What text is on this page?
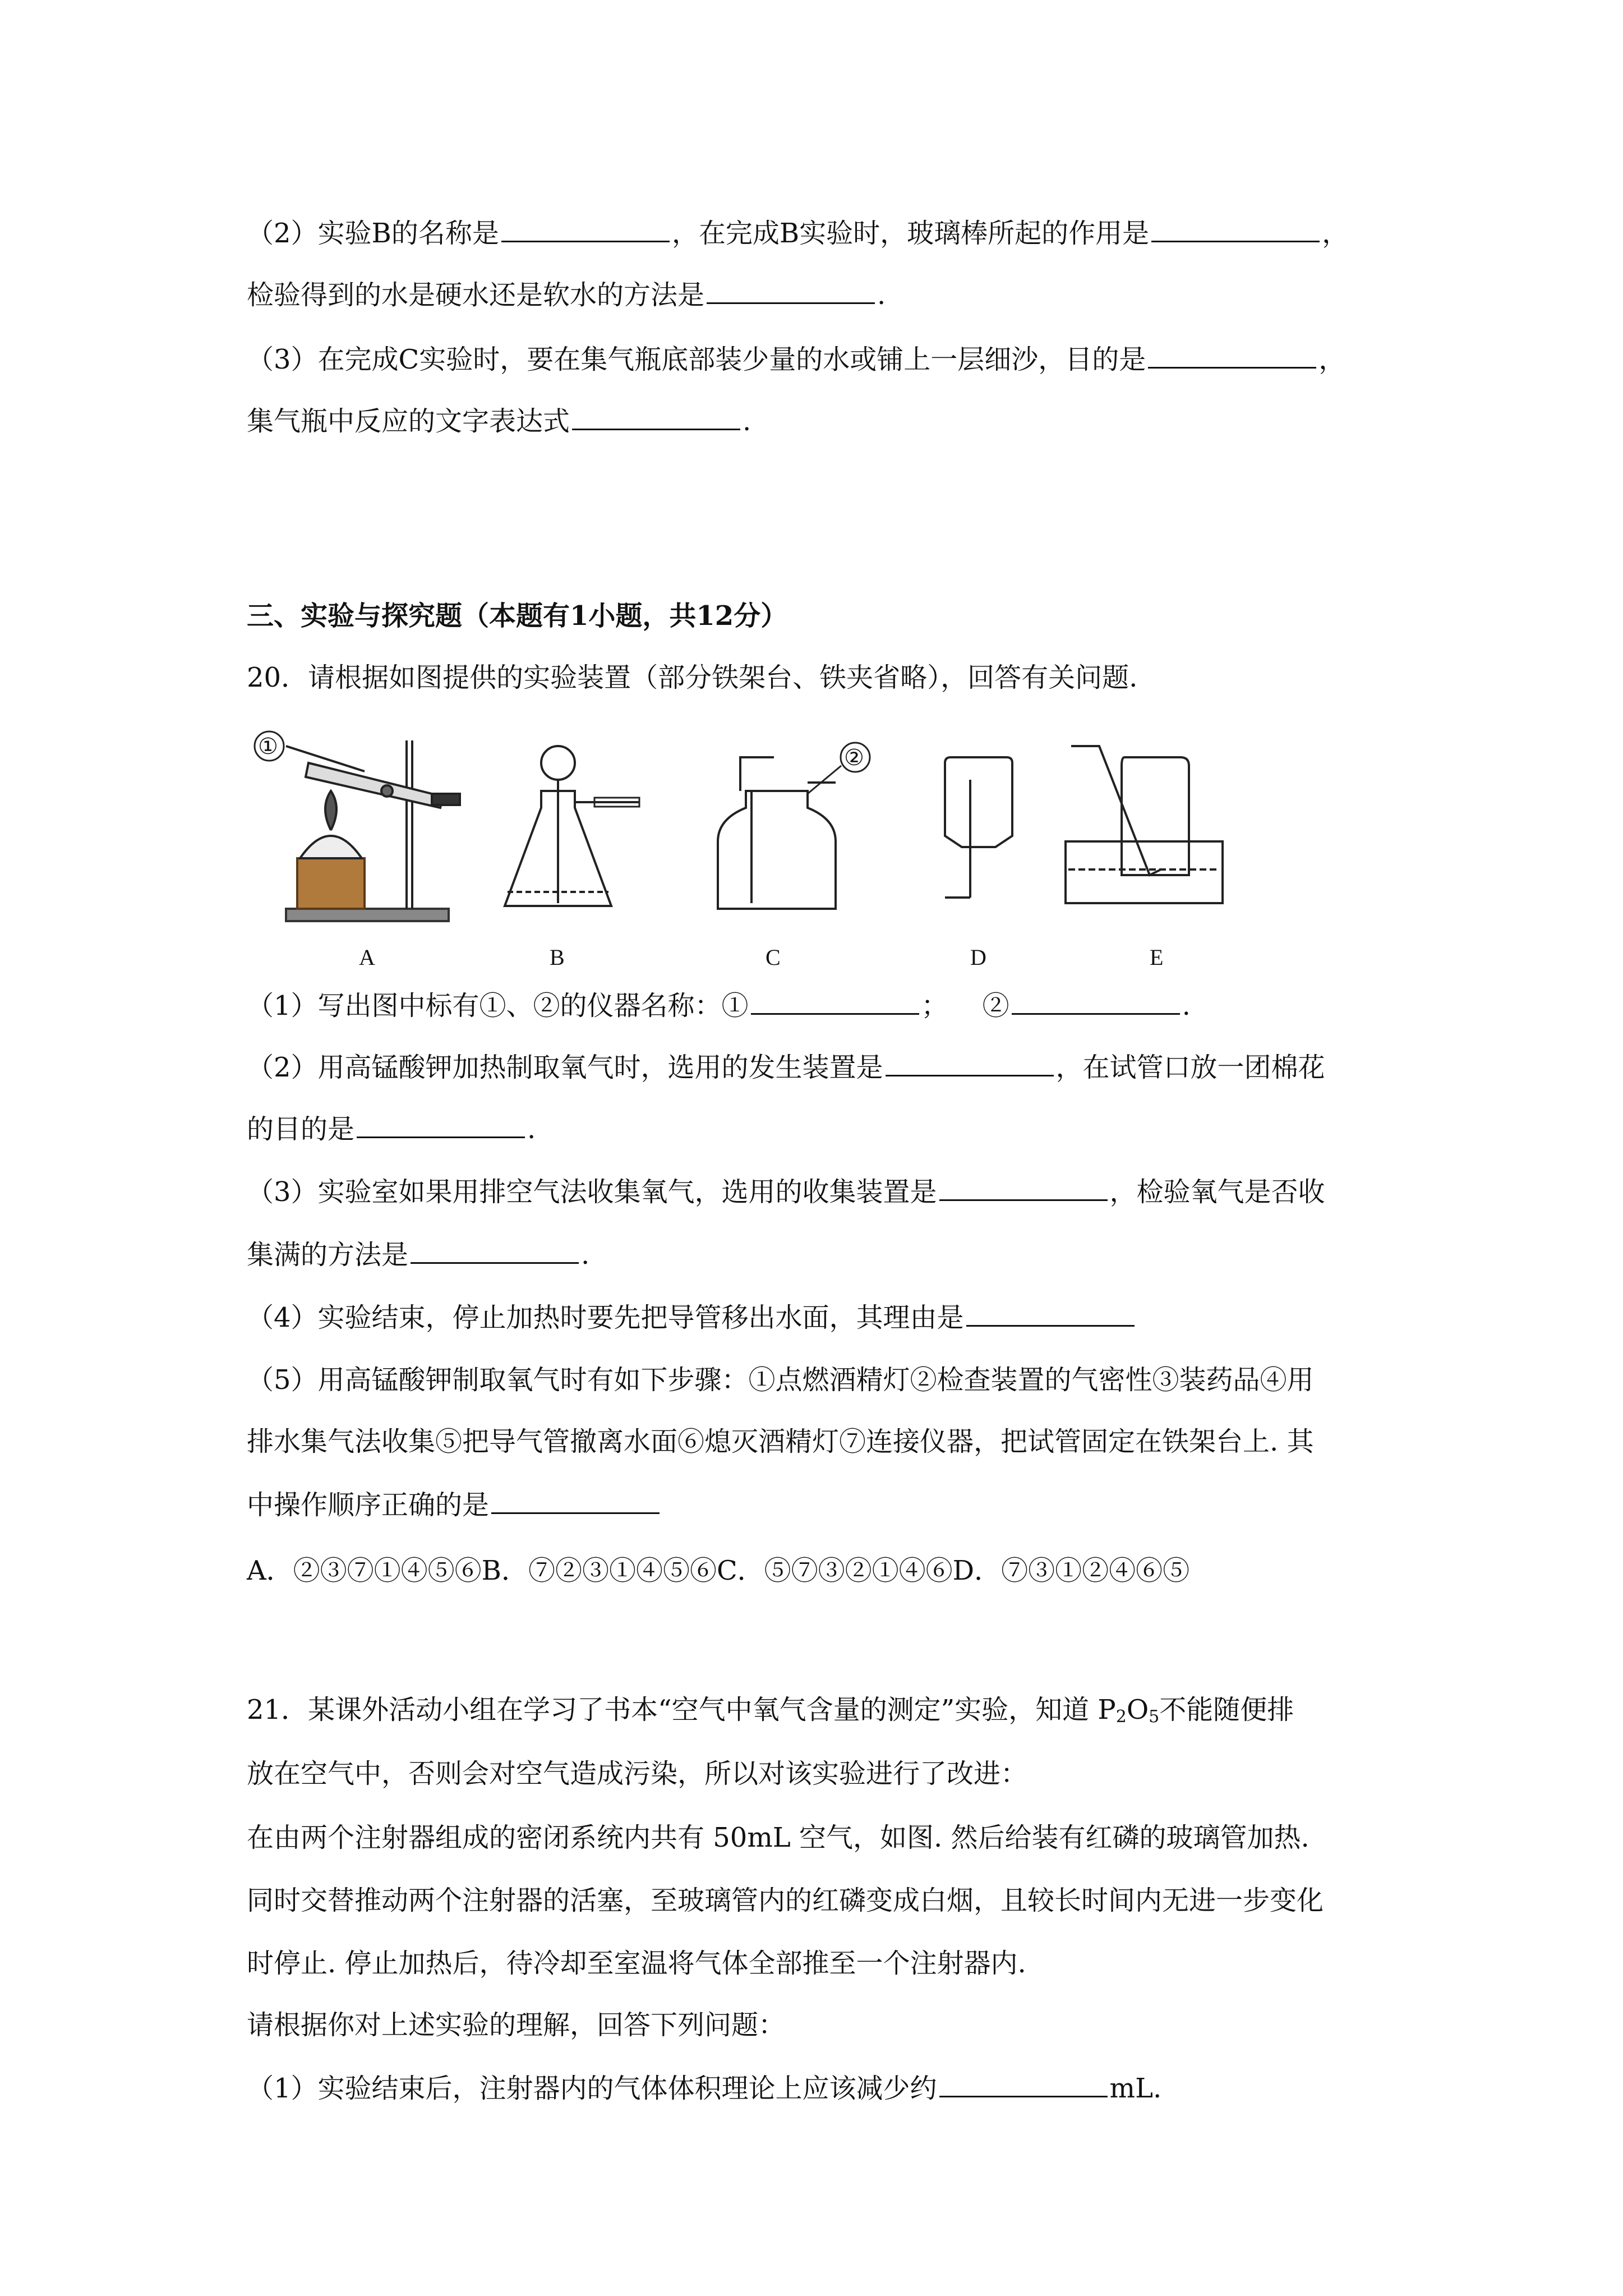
（2）实验B的名称是	，在完成B实验时，玻璃棒所起的作用是	，
检验得到的水是硬水还是软水的方法是	.
（3）在完成C实验时，要在集气瓶底部装少量的水或铺上一层细沙，目的是	，
集气瓶中反应的文字表达式	.
三、实验与探究题（本题有1小题，共12分）
20．请根据如图提供的实验装置（部分铁架台、铁夹省略），回答有关问题.
①
A	B
②
C	D	E
（1）写出图中标有①、②的仪器名称：①	； ②	.
（2）用高锰酸钾加热制取氧气时，选用的发生装置是	，在试管口放一团棉花
的目的是	.
（3）实验室如果用排空气法收集氧气，选用的收集装置是	，检验氧气是否收
集满的方法是	.
（4）实验结束，停止加热时要先把导管移出水面，其理由是
（5）用高锰酸钾制取氧气时有如下步骤：①点燃酒精灯②检查装置的气密性③装药品④用
排水集气法收集⑤把导气管撤离水面⑥熄灭酒精灯⑦连接仪器，把试管固定在铁架台上. 其
中操作顺序正确的是
A．②③⑦①④⑤⑥B．⑦②③①④⑤⑥C．⑤⑦③②①④⑥D．⑦③①②④⑥⑤
21．某课外活动小组在学习了书本“空气中氧气含量的测定”实验，知道 $P_2O_5$不能随便排
放在空气中，否则会对空气造成污染，所以对该实验进行了改进：
在由两个注射器组成的密闭系统内共有 50mL 空气，如图. 然后给装有红磷的玻璃管加热.
同时交替推动两个注射器的活塞，至玻璃管内的红磷变成白烟，且较长时间内无进一步变化
时停止. 停止加热后，待冷却至室温将气体全部推至一个注射器内.
请根据你对上述实验的理解，回答下列问题：
（1）实验结束后，注射器内的气体体积理论上应该减少约	mL.
